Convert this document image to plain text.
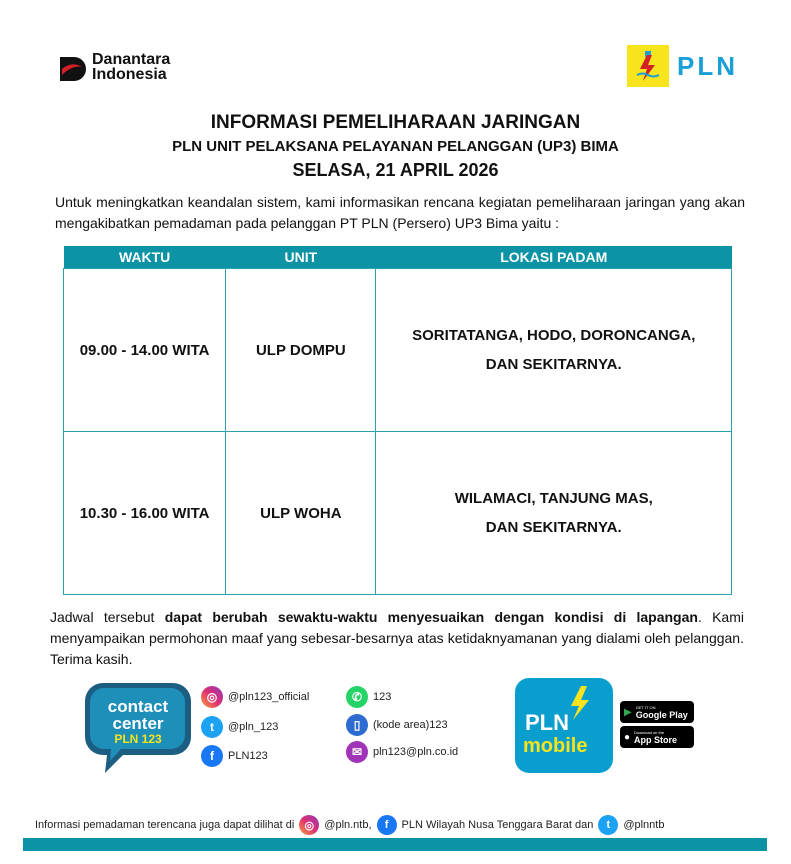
Danantara
Indonesia	PLN
INFORMASI PEMELIHARAAN JARINGAN
PLN UNIT PELAKSANA PELAYANAN PELANGGAN (UP3) BIMA
SELASA, 21 APRIL 2026
Untuk meningkatkan keandalan sistem, kami informasikan rencana kegiatan pemeliharaan jaringan yang akan mengakibatkan pemadaman pada pelanggan PT PLN (Persero) UP3 Bima yaitu :
WAKTU	UNIT	LOKASI PADAM
09.00 - 14.00 WITA	ULP DOMPU	SORITATANGA, HODO, DORONCANGA,
DAN SEKITARNYA.

10.30 - 16.00 WITA	ULP WOHA	WILAMACI, TANJUNG MAS,
DAN SEKITARNYA.
Jadwal tersebut dapat berubah sewaktu-waktu menyesuaikan dengan kondisi di lapangan. Kami menyampaikan permohonan maaf yang sebesar-besarnya atas ketidaknyamanan yang dialami oleh pelanggan. Terima kasih.
contact
center
PLN 123
◎ @pln123_official
t	@pln_123
f	PLN123
✆ 123
▯	(kode area)123
✉ pln123@pln.co.id
PLN
mobile
▶ GET IT ON
Google Play
● Download on the
App Store
Informasi pemadaman terencana juga dapat dilihat di ◎ @pln.ntb,	f	PLN Wilayah Nusa Tenggara Barat dan	t	@plnntb
